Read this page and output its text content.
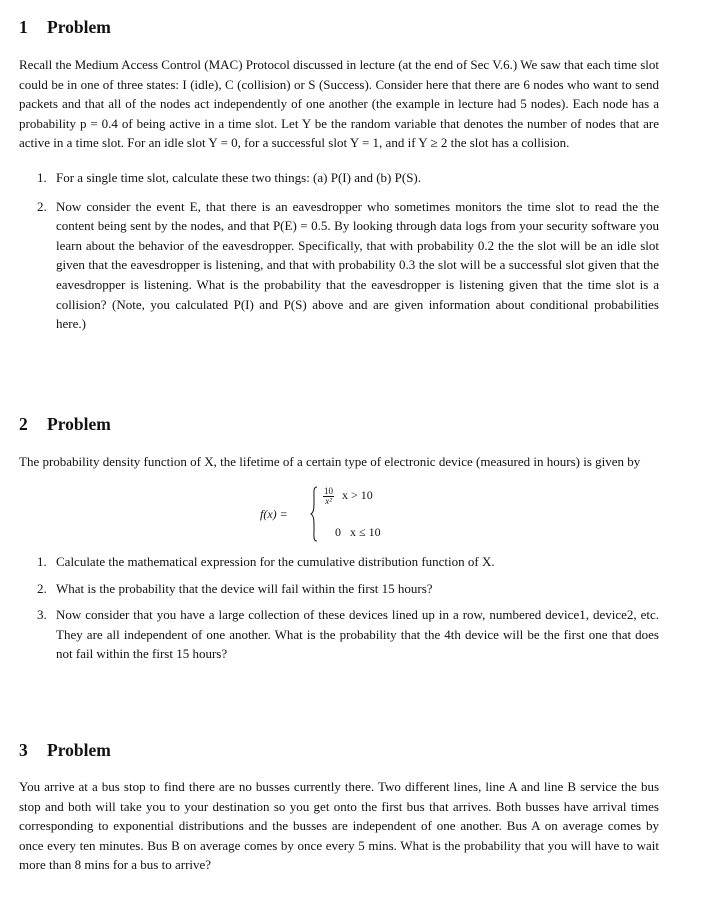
1 Problem

Recall the Medium Access Control (MAC) Protocol discussed in lecture (at the end of Sec V.6.) We saw that each time slot could be in one of three states: I (idle), C (collision) or S (Success). Consider here that there are 6 nodes who want to send packets and that all of the nodes act independently of one another (the example in lecture had 5 nodes). Each node has a probability p = 0.4 of being active in a time slot. Let Y be the random variable that denotes the number of nodes that are active in a time slot. For an idle slot Y = 0, for a successful slot Y = 1, and if Y ≥ 2 the slot has a collision.

1. For a single time slot, calculate these two things: (a) P(I) and (b) P(S).
2. Now consider the event E, that there is an eavesdropper who sometimes monitors the time slot to read the the content being sent by the nodes, and that P(E) = 0.5. By looking through data logs from your security software you learn about the behavior of the eavesdropper. Specifically, that with probability 0.2 the the slot will be an idle slot given that the eavesdropper is listening, and that with probability 0.3 the slot will be a successful slot given that the eavesdropper is listening. What is the probability that the eavesdropper is listening given that the time slot is a collision? (Note, you calculated P(I) and P(S) above and are given information about conditional probabilities here.)
2 Problem

The probability density function of X, the lifetime of a certain type of electronic device (measured in hours) is given by

f(x) =
$\frac{10}{\text{x²}}$ x > 10
0 x ≤ 10
1. Calculate the mathematical expression for the cumulative distribution function of X.
2. What is the probability that the device will fail within the first 15 hours?
3. Now consider that you have a large collection of these devices lined up in a row, numbered device1, device2, etc. They are all independent of one another. What is the probability that the 4th device will be the first one that does not fail within the first 15 hours?
3 Problem

You arrive at a bus stop to find there are no busses currently there. Two different lines, line A and line B service the bus stop and both will take you to your destination so you get onto the first bus that arrives. Both busses have arrival times corresponding to exponential distributions and the busses are independent of one another. Bus A on average comes by once every ten minutes. Bus B on average comes by once every 5 mins. What is the probability that you will have to wait more than 8 mins for a bus to arrive?
